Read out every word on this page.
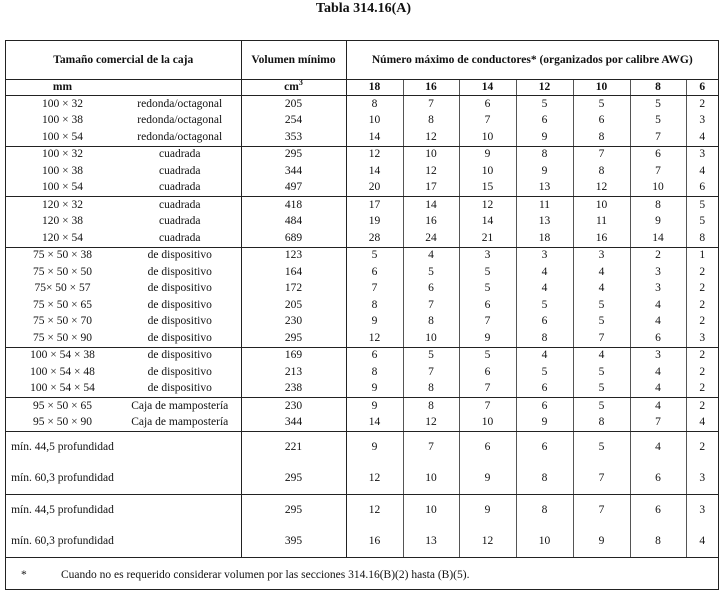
Tabla 314.16(A)
Tamaño comercial de la caja		Volumen mínimo	Número máximo de conductores* (organizados por calibre AWG)						
mm		$cm^3$	18	16	14	12	10	8	6
100 × 32	redonda/octagonal	205	8	7	6	5	5	5	2
100 × 38	redonda/octagonal	254	10	8	7	6	6	5	3
100 × 54	redonda/octagonal	353	14	12	10	9	8	7	4
100 × 32	cuadrada	295	12	10	9	8	7	6	3
100 × 38	cuadrada	344	14	12	10	9	8	7	4
100 × 54	cuadrada	497	20	17	15	13	12	10	6
120 × 32	cuadrada	418	17	14	12	11	10	8	5
120 × 38	cuadrada	484	19	16	14	13	11	9	5
120 × 54	cuadrada	689	28	24	21	18	16	14	8
75 × 50 × 38	de dispositivo	123	5	4	3	3	3	2	1
75 × 50 × 50	de dispositivo	164	6	5	5	4	4	3	2
75× 50 × 57	de dispositivo	172	7	6	5	4	4	3	2
75 × 50 × 65	de dispositivo	205	8	7	6	5	5	4	2
75 × 50 × 70	de dispositivo	230	9	8	7	6	5	4	2
75 × 50 × 90	de dispositivo	295	12	10	9	8	7	6	3
100 × 54 × 38	de dispositivo	169	6	5	5	4	4	3	2
100 × 54 × 48	de dispositivo	213	8	7	6	5	5	4	2
100 × 54 × 54	de dispositivo	238	9	8	7	6	5	4	2
95 × 50 × 65	Caja de mampostería	230	9	8	7	6	5	4	2
95 × 50 × 90	Caja de mampostería	344	14	12	10	9	8	7	4
mín. 44,5 profundidad		221	9	7	6	6	5	4	2
mín. 60,3 profundidad		295	12	10	9	8	7	6	3
mín. 44,5 profundidad		295	12	10	9	8	7	6	3
mín. 60,3 profundidad		395	16	13	12	10	9	8	4
* Cuando no es requerido considerar volumen por las secciones 314.16(B)(2) hasta (B)(5).									
